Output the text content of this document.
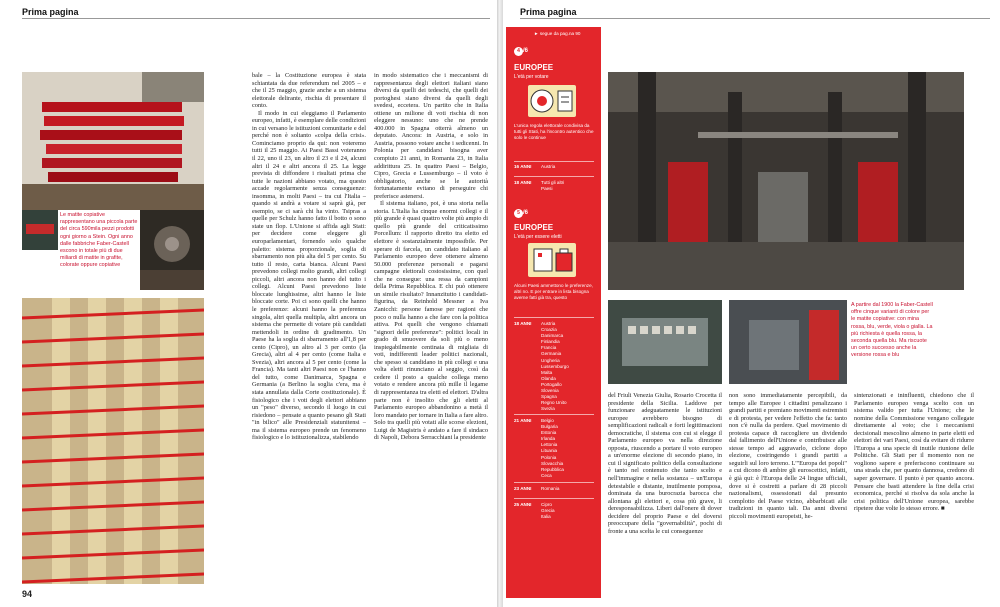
Prima pagina
Le matite copiative rappresentano una piccola parte del circa 590mila pezzi prodotti ogni giorno a Stein. Ogni anno dalle fabbriche Faber-Castell escono in totale più di due miliardi di matite in grafite, colorate oppure copiative

bale – la Costituzione europea è stata schiantata da due referendum nel 2005 – e che il 25 maggio, grazie anche a un sistema elettorale delirante, rischia di presentare il conto.

Il modo in cui eleggiamo il Parlamento europeo, infatti, è esemplare delle condizioni in cui versano le istituzioni comunitarie e del perché non è soltanto «colpa della crisi». Cominciamo proprio da qui: non voteremo tutti il 25 maggio. Ai Paesi Bassi voteranno il 22, uno il 23, un altro il 23 e il 24, alcuni altri il 24 e altri ancora il 25. La legge prevista di diffondere i risultati prima che tutte le nazioni abbiano votato, ma questo accade regolarmente senza conseguenze: insomma, in molti Paesi – tra cui l'Italia – quando si andrà a votare si saprà già, per esempio, se ci sarà chi ha vinto. Tsipras a quelle per Schulz hanno fatto il botto o sono state un flop. L'Unione si affida agli Stati: per decidere come eleggere gli europarlamentari, fornendo solo qualche paletto: sistema proporzionale, soglia di sbarramento non più alta del 5 per cento. Su tutto il resto, carta bianca. Alcuni Paesi prevedono collegi molto grandi, altri collegi piccoli, altri ancora non hanno del tutto i collegi. Alcuni Paesi prevedono liste bloccate lunghissime, altri hanno le liste bloccate corte. Poi ci sono quelli che hanno le preferenze: alcuni hanno la preferenza singola, altri quella multipla, altri ancora un sistema che permette di votare più candidati mettendoli in ordine di gradimento. Un Paese ha la soglia di sbarramento all'1,8 per cento (Cipro), un altro al 3 per cento (la Grecia), altri al 4 per cento (come Italia e Svezia), altri ancora al 5 per cento (come la Francia). Ma tanti altri Paesi non ce l'hanno del tutto, come Danimarca, Spagna e Germania (a Berlino la soglia c'era, ma è stata annullata dalla Corte costituzionale). È fisiologico che i voti degli elettori abbiano un "peso" diverso, secondo il luogo in cui risiedono – pensate a quanto pesano gli Stati "in bilico" alle Presidenziali statunitensi – ma il sistema europeo prende un fenomeno fisiologico e lo istituzionalizza, stabilendo

in modo sistematico che i meccanismi di rappresentanza degli elettori italiani siano diversi da quelli dei tedeschi, che quelli dei portoghesi siano diversi da quelli degli svedesi, eccetera. Un partito che in Italia ottiene un milione di voti rischia di non eleggere nessuno: uno che ne prende 400.000 in Spagna otterrà almeno un deputato. Ancora: in Austria, e solo in Austria, possono votare anche i sedicenni. In Polonia per candidarsi bisogna aver compiuto 21 anni, in Romania 23, in Italia addirittura 25. In quattro Paesi – Belgio, Cipro, Grecia e Lussemburgo – il voto è obbligatorio, anche se le autorità fortunatamente evitano di perseguire chi preferisce astenersi.

Il sistema italiano, poi, è una storia nella storia. L'Italia ha cinque enormi collegi e il più grande è quasi quattro volte più ampio di quello più grande del criticatissimo Porcellum: il rapporto diretto tra eletto ed elettore è sostanzialmente impossibile. Per sperare di farcela, un candidato italiano al Parlamento europeo deve ottenere almeno 50.000 preferenze personali e pagarsi campagne elettorali costosissime, con quel che ne consegue: una ressa da campioni della Prima Repubblica. E chi può ottenere un simile risultato? Innanzitutto i candidati-figurina, da Reinhold Messner a Iva Zanicchi: persone famose per ragioni che poco o nulla hanno a che fare con la politica attiva. Poi quelli che vengono chiamati "signori delle preferenze": politici locali in grado di smuovere da soli più o meno inspiegabilmente centinaia di migliaia di voti, indifferenti leader politici nazionali, che spesso si candidano in più collegi e una volta eletti rinunciano al seggio, così da cedere il posto a qualche collega meno votato e rendere ancora più mille il legame di rappresentanza tra eletti ed elettori. D'altra parte non è insolito che gli eletti al Parlamento europeo abbandonino a metà il loro mandato per tornare in Italia a fare altro. Solo tra quelli più votati alle scorse elezioni, Luigi de Magistris è andato a fare il sindaco di Napoli, Debora Serracchiani la presidente

94
Prima pagina
A partire dal 1900 la Faber-Castell offre cinque varianti di colore per le matite copiative: con mina rossa, blu, verde, viola o gialla. La più richiesta è quella rossa, la seconda quella blu. Ma riscuote un certo successo anche la versione rossa e blu

del Friuli Venezia Giulia, Rosario Crocetta il presidente della Sicilia. Laddove per funzionare adeguatamente le istituzioni europee avrebbero bisogno di semplificazioni radicali e forti legittimazioni democratiche, il sistema con cui si elegge il Parlamento europeo va nella direzione opposta, riuscendo a portare il voto europeo a un'enorme elezione di secondo piano, in cui il significato politico della consultazione è tanto nel contenuto che tanto scelto e nell'immagine e nella sostanza – un'Europa detestabile e distante, inutilmente pomposa, dominata da una burocrazia barocca che allontana gli elettori e, cosa più grave, li deresponsabilizza. Liberi dall'onere di dover decidere del proprio Paese e del doversi preoccupare della "governabilità", pochi di fronte a una scelta le cui conseguenze

non sono immediatamente percepibili, da tempo alle Europee i cittadini penalizzano i grandi partiti e premiano movimenti estremisti e di protesta, per vedere l'effetto che fa: tanto non c'è nulla da perdere. Quel movimento di protesta capace di raccogliere un dividendo dal fallimento dell'Unione e contribuisce alle stesse tempo ad aggravarlo, ciclone dopo elezione, costringendo i grandi partiti a seguirli sul loro terreno. L'"Europa dei popoli" a cui dicono di ambire gli euroscettici, infatti, è già qui: è l'Europa delle 24 lingue ufficiali, dove si è costretti a parlare di 28 piccoli nazionalismi, ossessionati dal presunto complotto del Paese vicino, abbarbicati alle tradizioni in quanto tali. Da anni diversi piccoli movimenti europeisti, he-

sintenzionati e ininfluenti, chiedono che il Parlamento europeo venga scelto con un sistema valido per tutta l'Unione; che le nomine della Commissione vengano collegate direttamente al voto; che i meccanismi decisionali mescolino almeno in parte eletti ed elettori dei vari Paesi, così da evitare di ridurre l'Europa a una specie di inutile riunione delle Politiche. Gli Stati per il momento non ne vogliono sapere e preferiscono continuare su una strada che, per quanto dannosa, credono di saper governare. Il punto è per quanto ancora. Pensare che basti attendere la fine della crisi economica, perché si risolva da sola anche la crisi politica dell'Unione europea, sarebbe ripetere due volte lo stesso errore. ■

► segue da pag.na 90
4 /6
EUROPEE
L'età per votare
L'unica regola elettorale condivisa da tutti gli Stati, ha l'incontro autentico che solo le continue
16 ANNI Austria
18 ANNI Tutti gli altri
Paesi
5 /6
EUROPEE
L'età per essere eletti
Alcuni Paesi ammettono le preferenze, altri no. E per entrare in lista bisogna averne fatti già tra, questo
18 ANNI Austria
Croazia
Danimarca
Finlandia
Francia
Germania
Ungheria
Lussemburgo
Malta
Olanda
Portogallo
Slovenia
Spagna
Regno Unito
Svezia
21 ANNI Belgio
Bulgaria
Estonia
Irlanda
Lettonia
Lituania
Polonia
Slovacchia
Repubblica
Ceca
23 ANNI Romania
25 ANNI Cipro
Grecia
Italia
